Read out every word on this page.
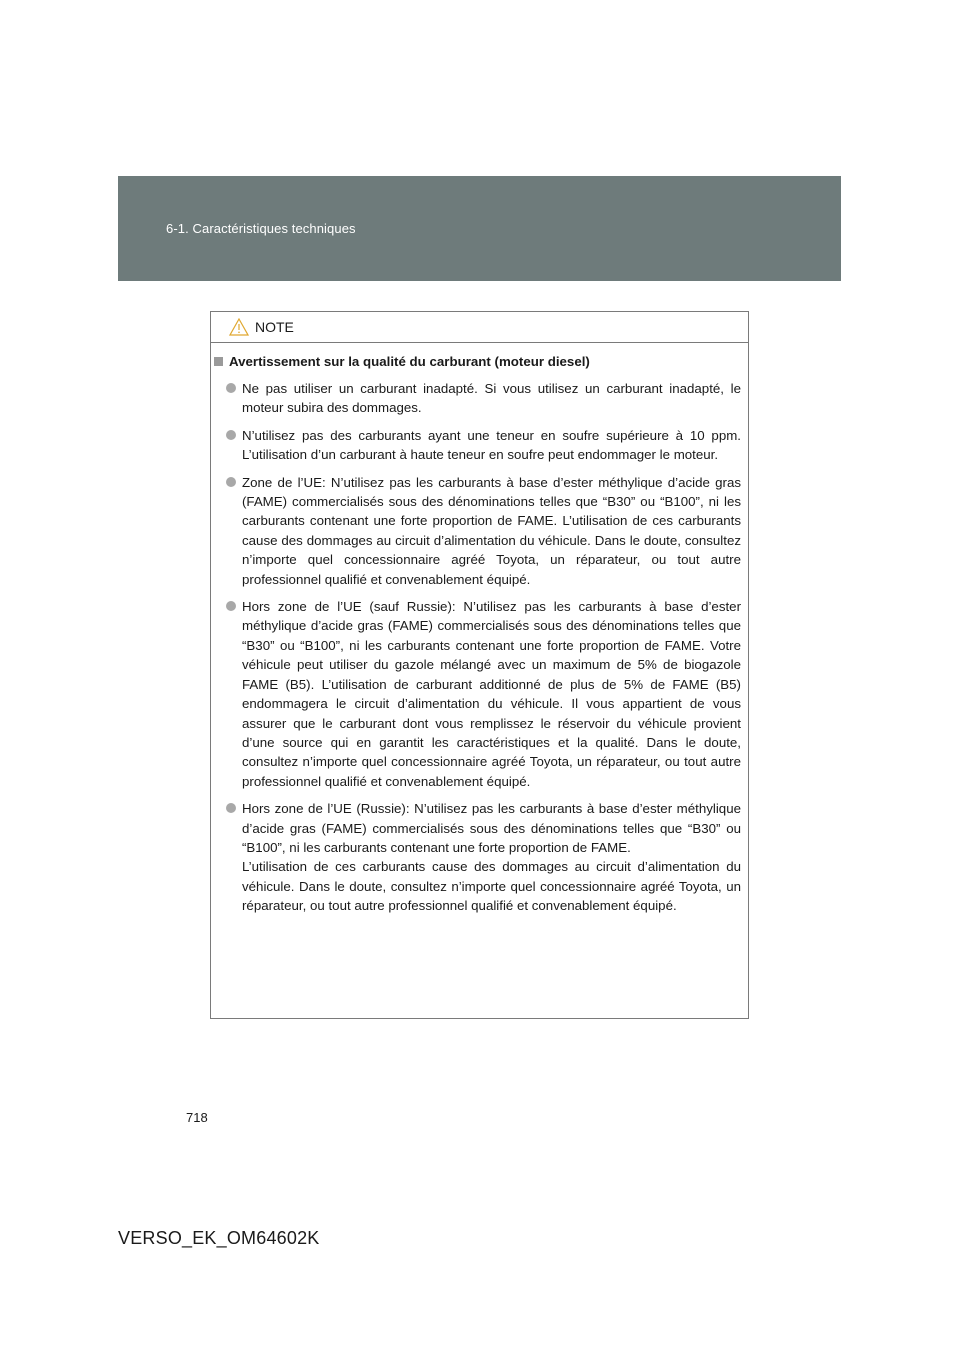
6-1. Caractéristiques techniques
NOTE
Avertissement sur la qualité du carburant (moteur diesel)
Ne pas utiliser un carburant inadapté. Si vous utilisez un carburant inadapté, le moteur subira des dommages.
N’utilisez pas des carburants ayant une teneur en soufre supérieure à 10 ppm. L’utilisation d’un carburant à haute teneur en soufre peut endommager le moteur.
Zone de l’UE: N’utilisez pas les carburants à base d’ester méthylique d’acide gras (FAME) commercialisés sous des dénominations telles que “B30” ou “B100”, ni les carburants contenant une forte proportion de FAME. L’utilisation de ces carburants cause des dommages au circuit d’alimentation du véhicule. Dans le doute, consultez n’importe quel concessionnaire agréé Toyota, un réparateur, ou tout autre professionnel qualifié et convenablement équipé.
Hors zone de l’UE (sauf Russie): N’utilisez pas les carburants à base d’ester méthylique d’acide gras (FAME) commercialisés sous des dénominations telles que “B30” ou “B100”, ni les carburants contenant une forte proportion de FAME. Votre véhicule peut utiliser du gazole mélangé avec un maximum de 5% de biogazole FAME (B5). L’utilisation de carburant additionné de plus de 5% de FAME (B5) endommagera le circuit d’alimentation du véhicule. Il vous appartient de vous assurer que le carburant dont vous remplissez le réservoir du véhicule provient d’une source qui en garantit les caractéristiques et la qualité. Dans le doute, consultez n’importe quel concessionnaire agréé Toyota, un réparateur, ou tout autre professionnel qualifié et convenablement équipé.
Hors zone de l’UE (Russie): N’utilisez pas les carburants à base d’ester méthylique d’acide gras (FAME) commercialisés sous des dénominations telles que “B30” ou “B100”, ni les carburants contenant une forte proportion de FAME.
L’utilisation de ces carburants cause des dommages au circuit d’alimentation du véhicule. Dans le doute, consultez n’importe quel concessionnaire agréé Toyota, un réparateur, ou tout autre professionnel qualifié et convenablement équipé.
718
VERSO_EK_OM64602K
